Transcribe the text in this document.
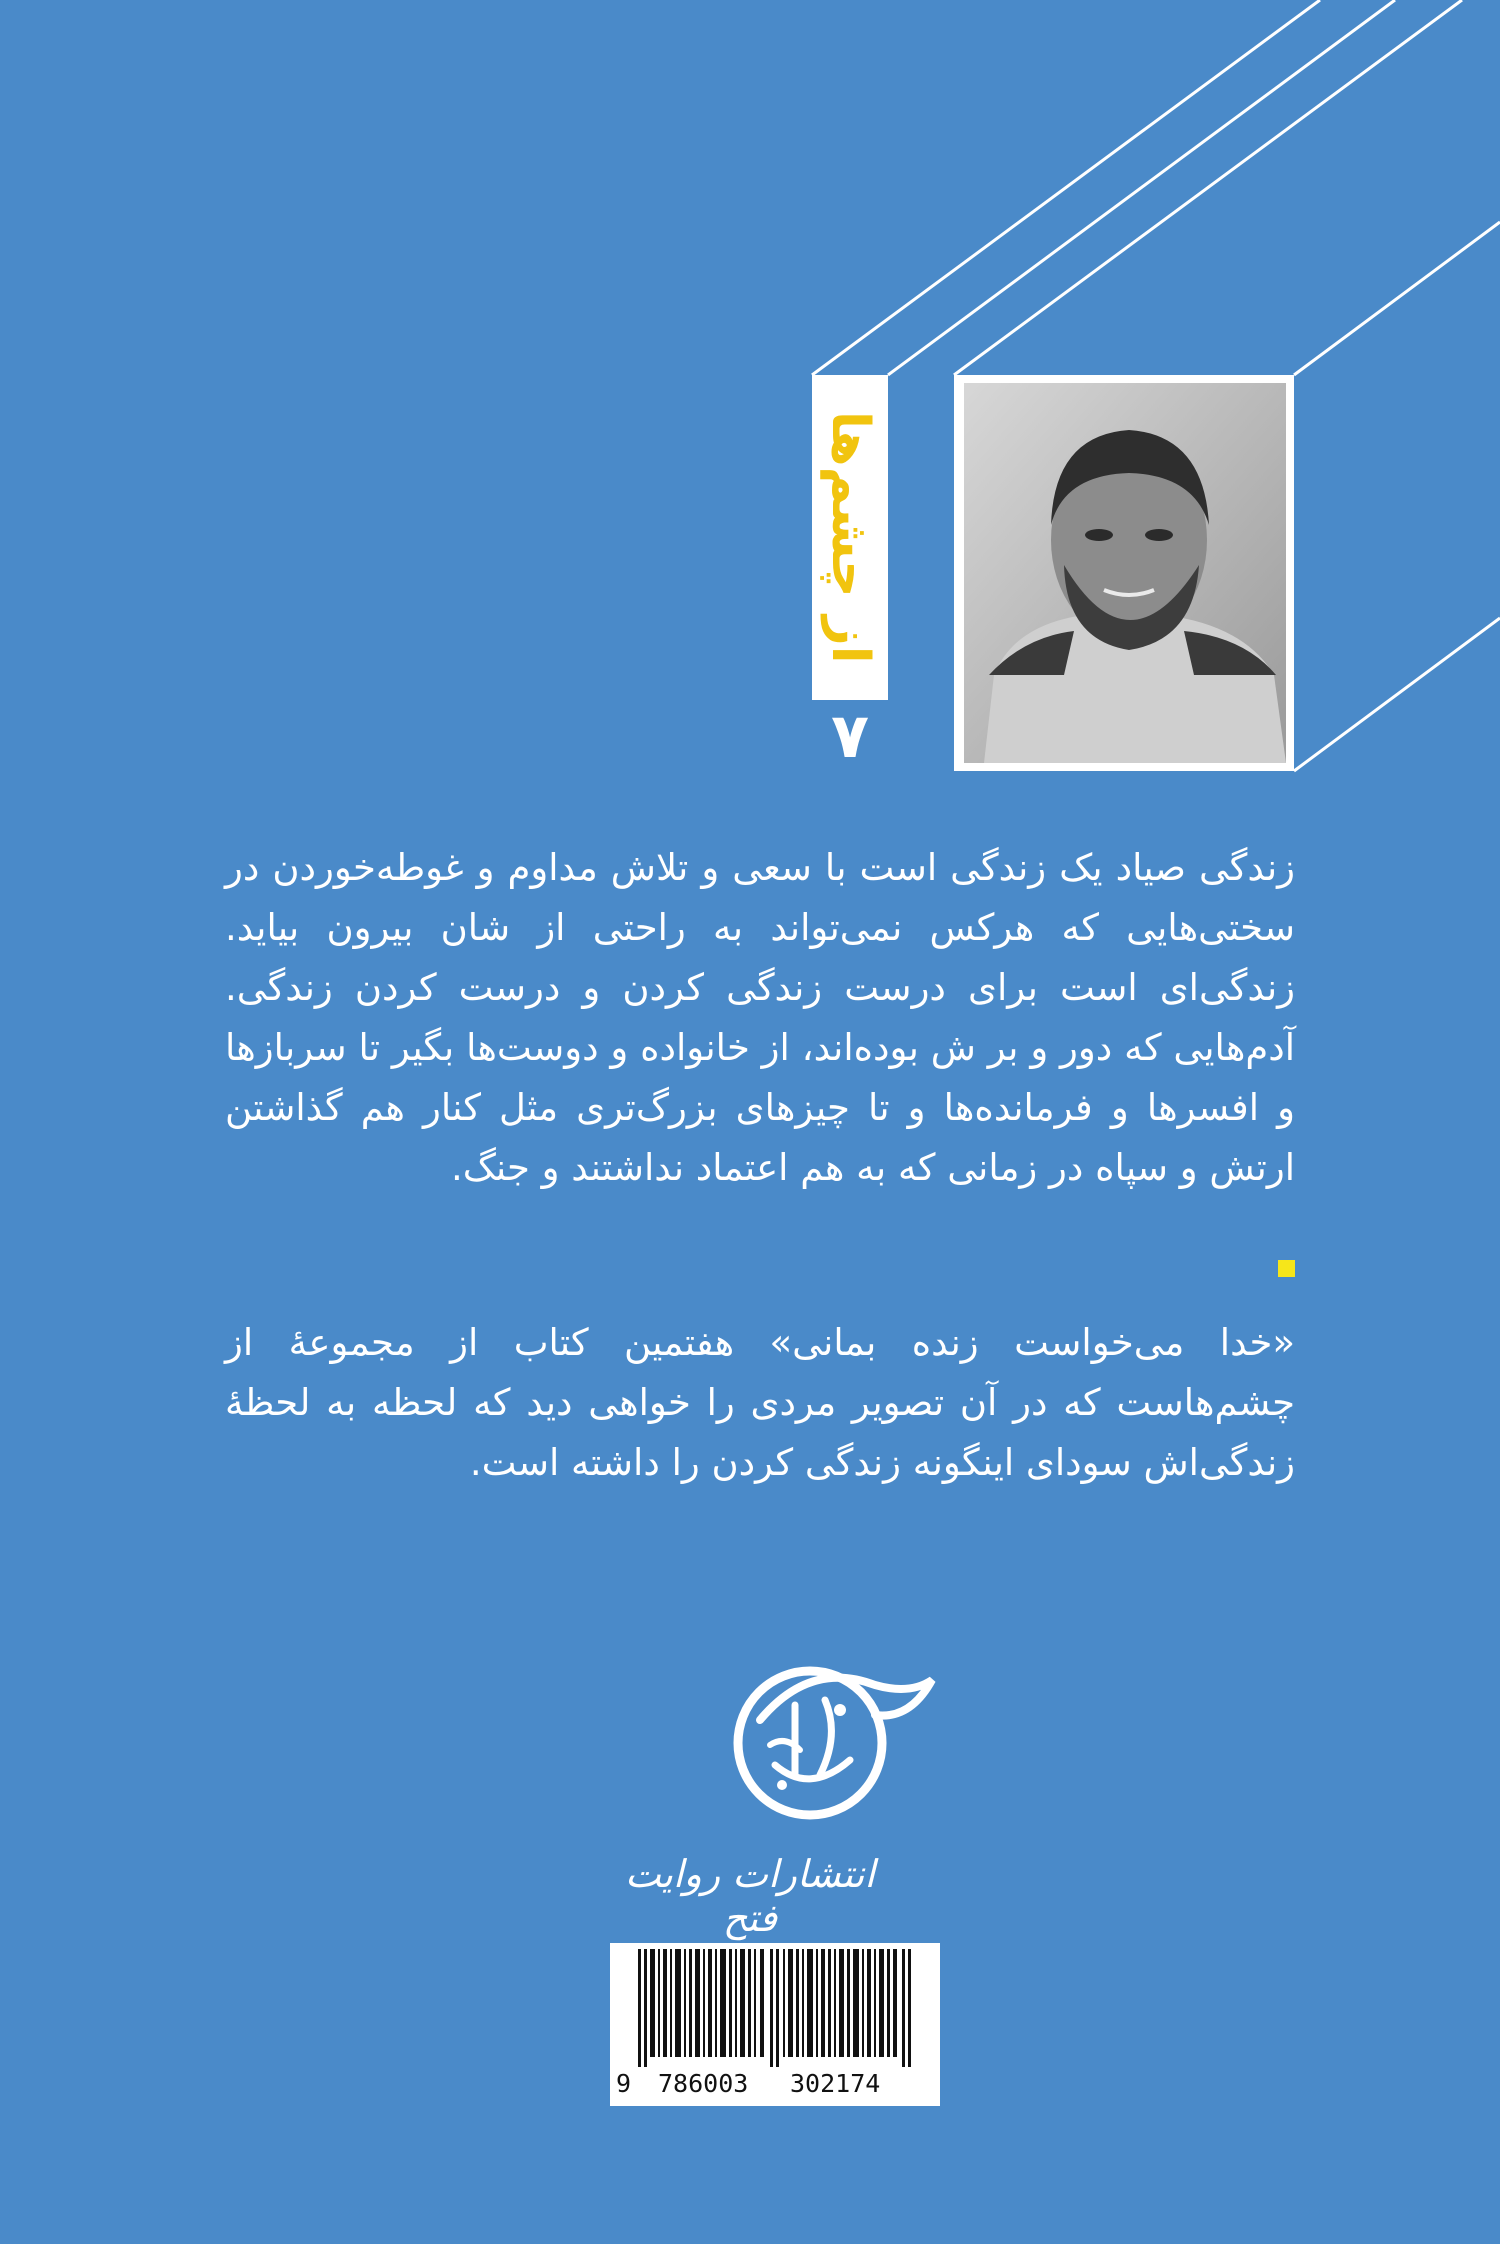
از چشم‌ها
۷
زندگی صیاد یک زندگی است با سعی و تلاش مداوم و غوطه‌خوردن در سختی‌هایی که هرکس نمی‌تواند به راحتی از شان بیرون بیاید. زندگی‌ای است برای درست زندگی کردن و درست کردن زندگی. آدم‌هایی که دور و بر ش بوده‌اند، از خانواده و دوست‌ها بگیر تا سربازها و افسرها و فرمانده‌ها و تا چیزهای بزرگ‌تری مثل کنار هم گذاشتن ارتش و سپاه در زمانی که به هم اعتماد نداشتند و جنگ.
«خدا می‌خواست زنده بمانی» هفتمین کتاب از مجموعهٔ از چشم‌هاست که در آن تصویر مردی را خواهی دید که لحظه به لحظهٔ زندگی‌اش سودای اینگونه زندگی کردن را داشته است.
انتشارات روایت فتح
9 786003 302174
